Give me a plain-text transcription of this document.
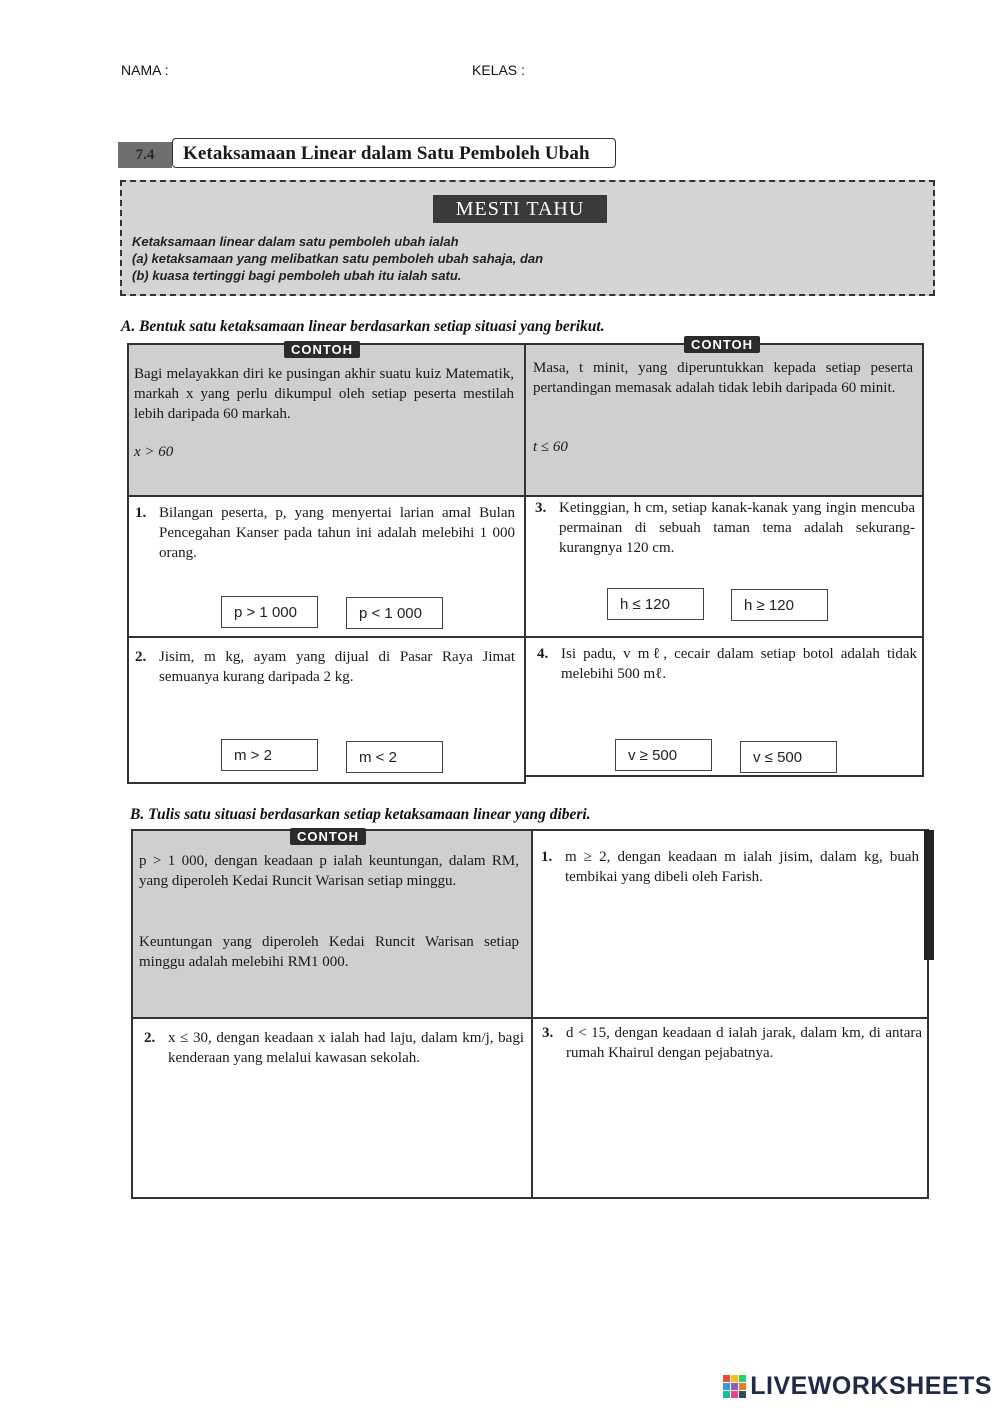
NAMA :	KELAS :
7.4	Ketaksamaan Linear dalam Satu Pemboleh Ubah
MESTI TAHU
Ketaksamaan linear dalam satu pemboleh ubah ialah
(a) ketaksamaan yang melibatkan satu pemboleh ubah sahaja, dan
(b) kuasa tertinggi bagi pemboleh ubah itu ialah satu.
A. Bentuk satu ketaksamaan linear berdasarkan setiap situasi yang berikut.
CONTOH	CONTOH
Bagi melayakkan diri ke pusingan akhir suatu kuiz Matematik, markah x yang perlu dikumpul oleh setiap peserta mestilah lebih daripada 60 markah.
x > 60
Masa, t minit, yang diperuntukkan kepada setiap peserta pertandingan memasak adalah tidak lebih daripada 60 minit.
t ≤ 60
1. Bilangan peserta, p, yang menyertai larian amal Bulan Pencegahan Kanser pada tahun ini adalah melebihi 1 000 orang.
p > 1 000	p < 1 000
3. Ketinggian, h cm, setiap kanak-kanak yang ingin mencuba permainan di sebuah taman tema adalah sekurang-kurangnya 120 cm.
h ≤ 120	h ≥ 120
2. Jisim, m kg, ayam yang dijual di Pasar Raya Jimat semuanya kurang daripada 2 kg.
m > 2	m < 2
4. Isi padu, v mℓ, cecair dalam setiap botol adalah tidak melebihi 500 mℓ.
v ≥ 500	v ≤ 500
B. Tulis satu situasi berdasarkan setiap ketaksamaan linear yang diberi.
CONTOH
p > 1 000, dengan keadaan p ialah keuntungan, dalam RM, yang diperoleh Kedai Runcit Warisan setiap minggu.
Keuntungan yang diperoleh Kedai Runcit Warisan setiap minggu adalah melebihi RM1 000.
1. m ≥ 2, dengan keadaan m ialah jisim, dalam kg, buah tembikai yang dibeli oleh Farish.
2. x ≤ 30, dengan keadaan x ialah had laju, dalam km/j, bagi kenderaan yang melalui kawasan sekolah.
3. d < 15, dengan keadaan d ialah jarak, dalam km, di antara rumah Khairul dengan pejabatnya.
LIVEWORKSHEETS
